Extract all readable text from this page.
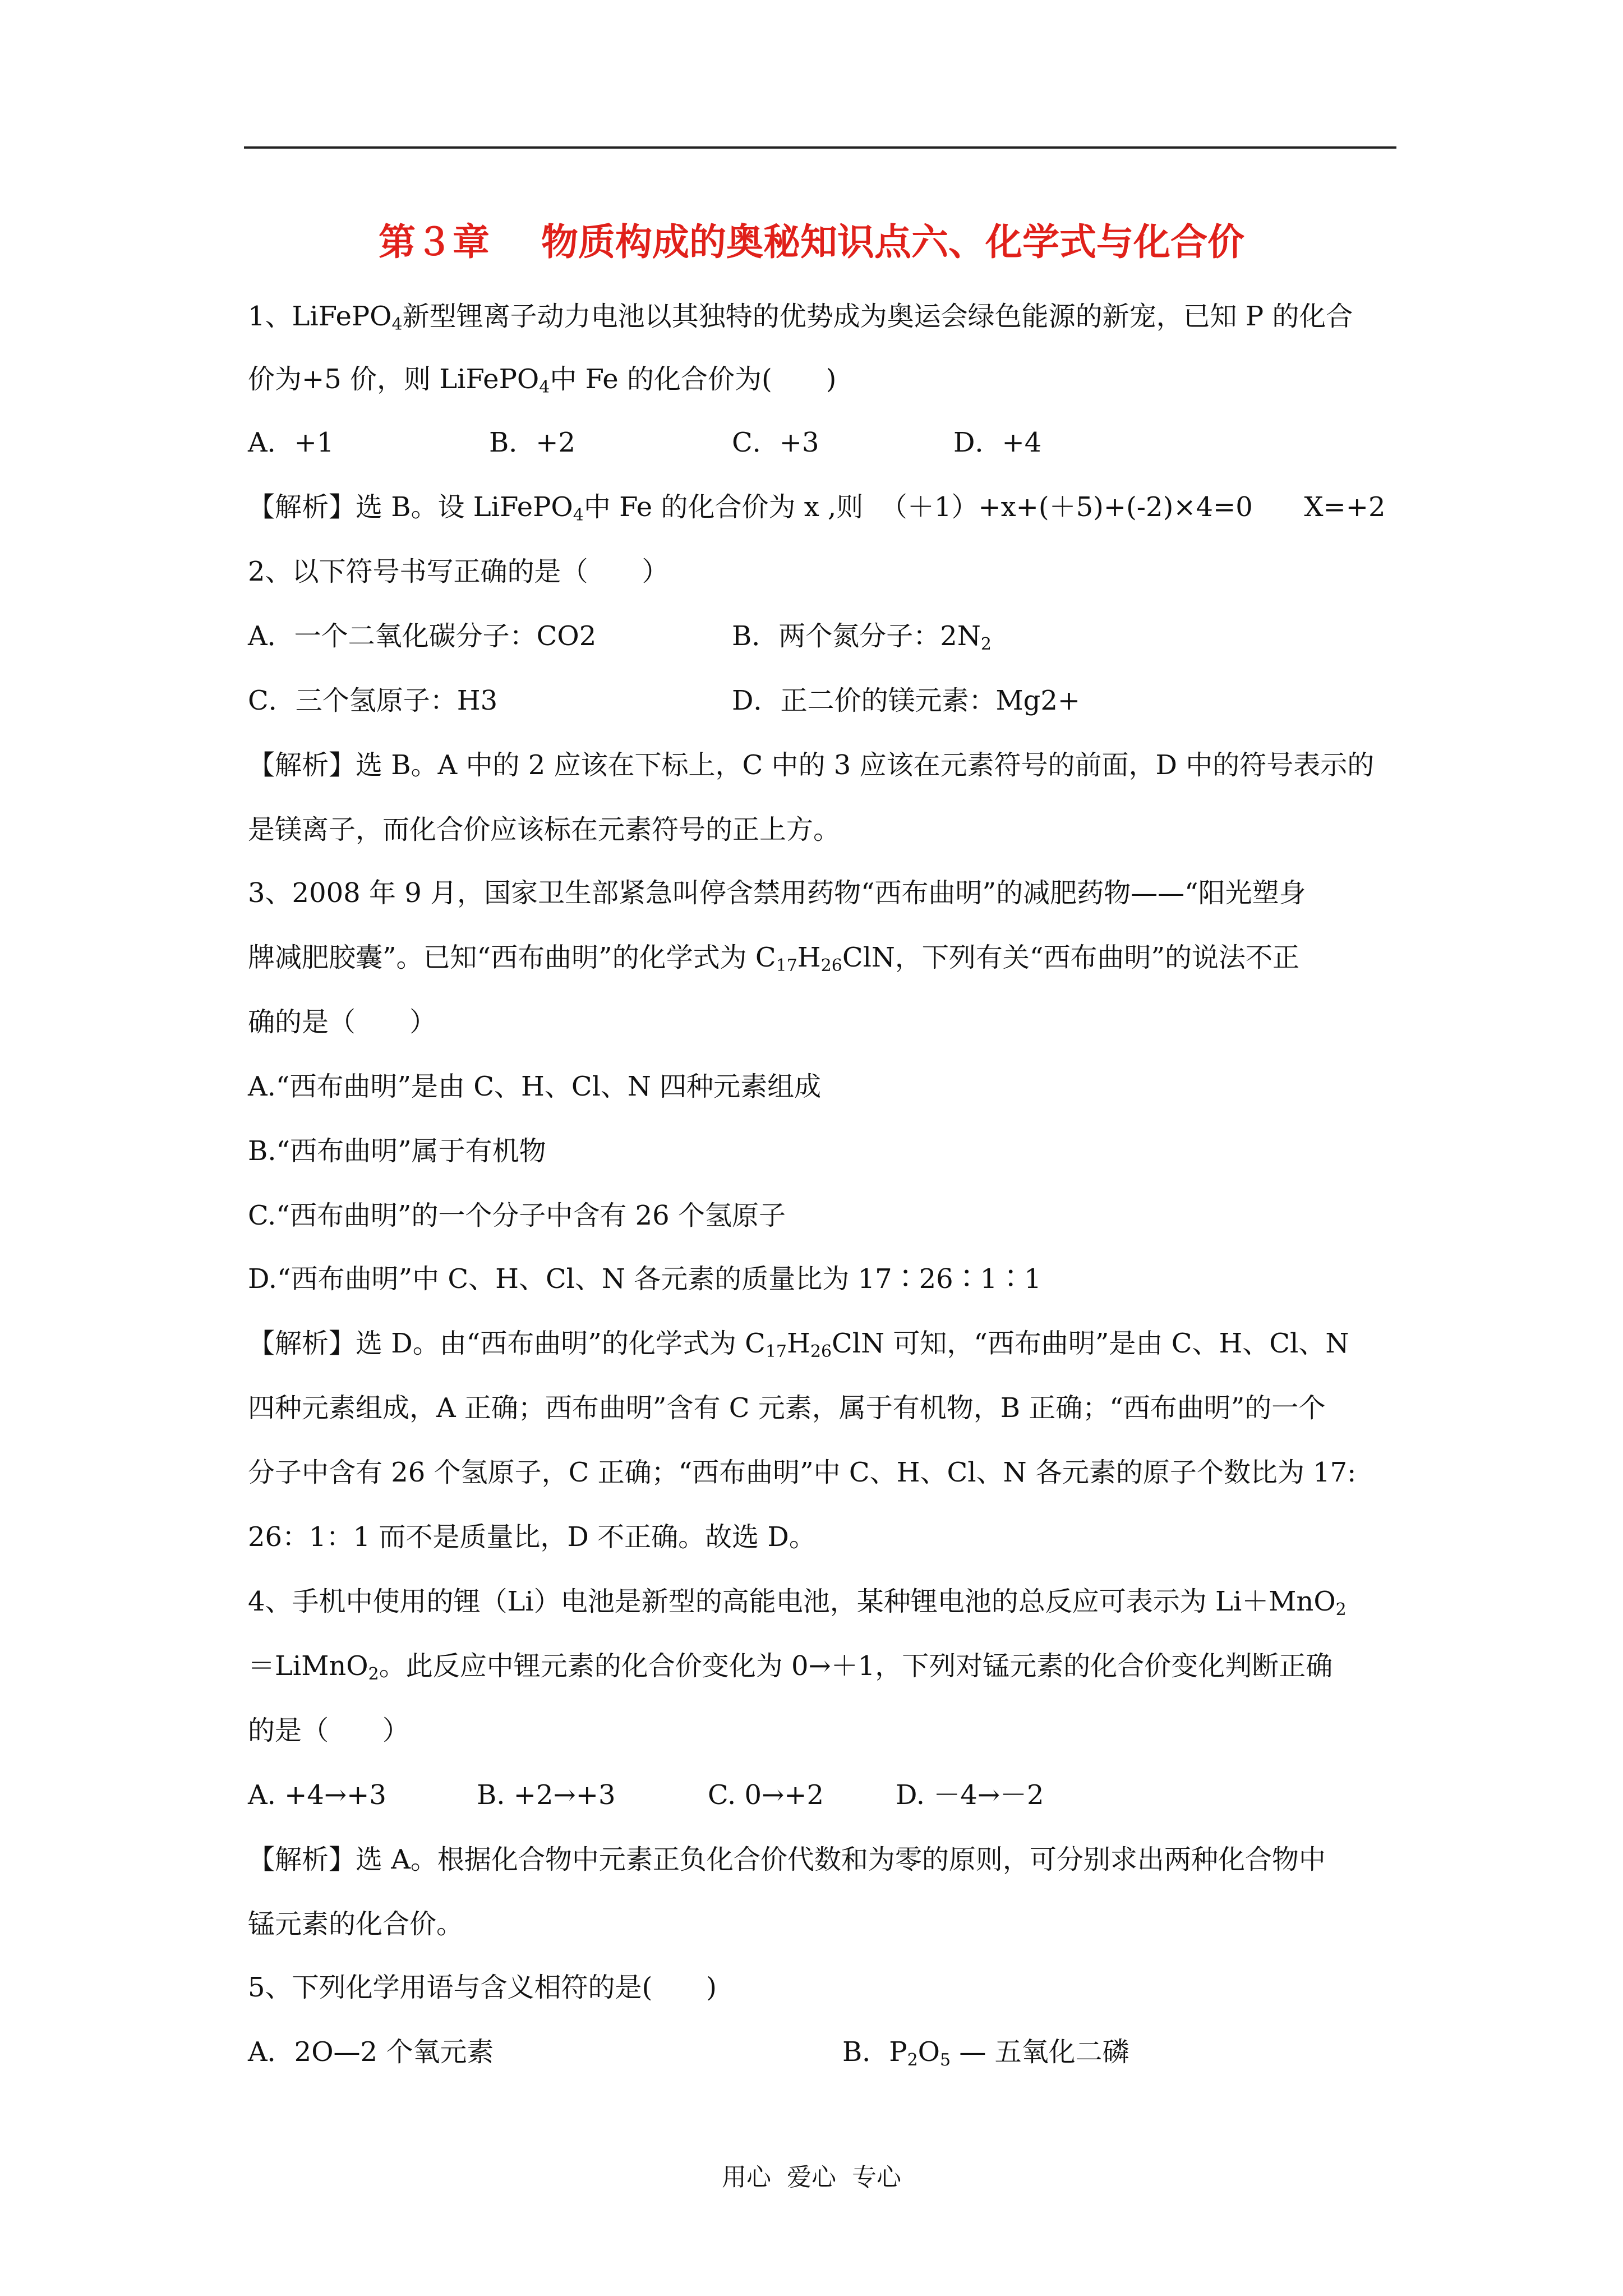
第３章    物质构成的奥秘知识点六、化学式与化合价
1、LiFePO$_4$新型锂离子动力电池以其独特的优势成为奥运会绿色能源的新宠，已知 P 的化合
价为+5 价，则 LiFePO$_4$中 Fe 的化合价为(　　)
A．+1	B．+2	C．+3	D．+4
【解析】选 B。设 LiFePO$_4$中 Fe 的化合价为 x ,则  （＋1）+x+(＋5)+(-2)×4=0      X=+2
2、以下符号书写正确的是（　　）
A．一个二氧化碳分子：CO2	B．两个氮分子：$2N_2$
C．三个氢原子：H3	D．正二价的镁元素：Mg2+
【解析】选 B。A 中的 2 应该在下标上，C 中的 3 应该在元素符号的前面，D 中的符号表示的
是镁离子，而化合价应该标在元素符号的正上方。
3、2008 年 9 月，国家卫生部紧急叫停含禁用药物“西布曲明”的减肥药物——“阳光塑身
牌减肥胶囊”。已知“西布曲明”的化学式为 $C_{17}H_{26}ClN$，下列有关“西布曲明”的说法不正
确的是（　　）
A.“西布曲明”是由 C、H、Cl、N 四种元素组成
B.“西布曲明”属于有机物
C.“西布曲明”的一个分子中含有 26 个氢原子
D.“西布曲明”中 C、H、Cl、N 各元素的质量比为 17∶26∶1∶1
【解析】选 D。由“西布曲明”的化学式为 $C_{17}H_{26}ClN$ 可知，“西布曲明”是由 C、H、Cl、N
四种元素组成，A 正确；西布曲明”含有 C 元素，属于有机物，B 正确；“西布曲明”的一个
分子中含有 26 个氢原子，C 正确；“西布曲明”中 C、H、Cl、N 各元素的原子个数比为 17:
26：1：1 而不是质量比，D 不正确。故选 D。
4、手机中使用的锂（Li）电池是新型的高能电池，某种锂电池的总反应可表示为 Li＋MnO$_2$
＝LiMnO$_2$。此反应中锂元素的化合价变化为 0→＋1，下列对锰元素的化合价变化判断正确
的是（　　）
A. +4→+3	B. +2→+3	C. 0→+2	D. －4→－2
【解析】选 A。根据化合物中元素正负化合价代数和为零的原则，可分别求出两种化合物中
锰元素的化合价。
5、下列化学用语与含义相符的是(　　)
A．2O—2 个氧元素	B．$P_2O_5$ — 五氧化二磷
用心  爱心  专心
